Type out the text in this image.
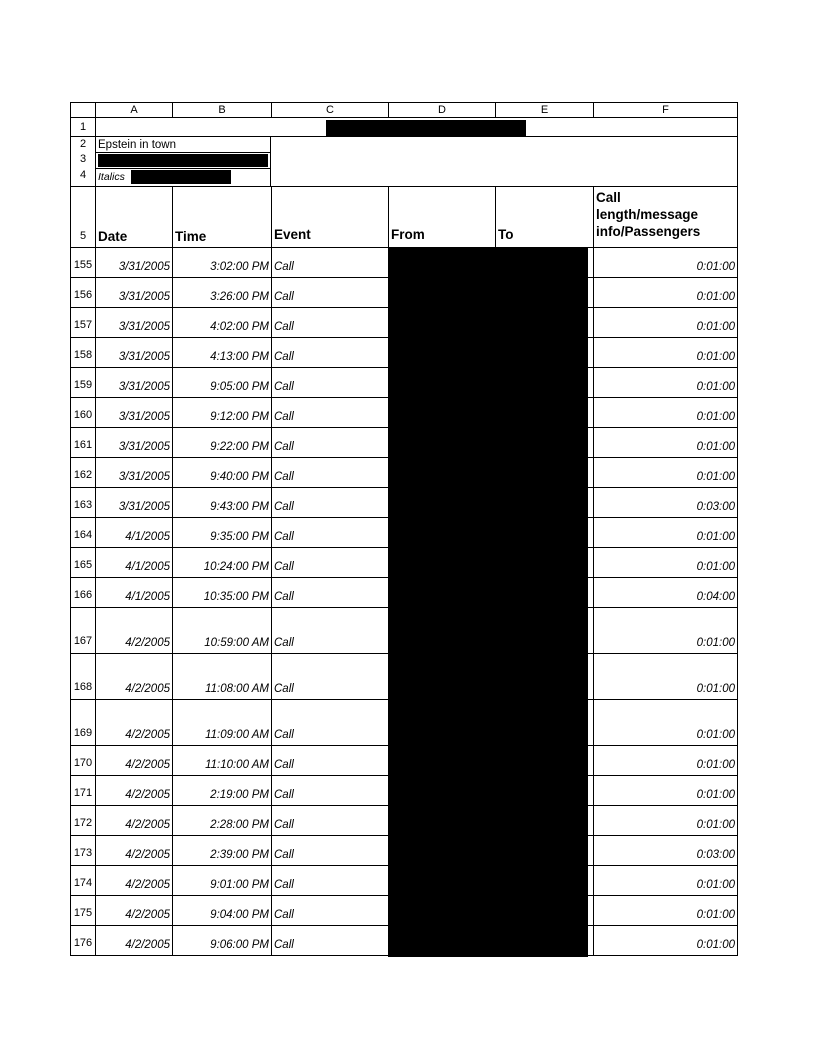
A	B	C	D	E	F
1
2
3
4
5
Epstein in town
Italics
Date	Time	Event	From	To
Call
length/message
info/Passengers
155	3/31/2005	3:02:00 PM Call	0:01:00
156	3/31/2005	3:26:00 PM Call	0:01:00
157	3/31/2005	4:02:00 PM Call	0:01:00
158	3/31/2005	4:13:00 PM Call	0:01:00
159	3/31/2005	9:05:00 PM Call	0:01:00
160	3/31/2005	9:12:00 PM Call	0:01:00
161	3/31/2005	9:22:00 PM Call	0:01:00
162	3/31/2005	9:40:00 PM Call	0:01:00
163	3/31/2005	9:43:00 PM Call	0:03:00
164	4/1/2005	9:35:00 PM Call	0:01:00
165	4/1/2005	10:24:00 PM Call	0:01:00
166	4/1/2005	10:35:00 PM Call	0:04:00
167	4/2/2005	10:59:00 AM Call	0:01:00
168	4/2/2005	11:08:00 AM Call	0:01:00
169	4/2/2005	11:09:00 AM Call	0:01:00
170	4/2/2005	11:10:00 AM Call	0:01:00
171	4/2/2005	2:19:00 PM Call	0:01:00
172	4/2/2005	2:28:00 PM Call	0:01:00
173	4/2/2005	2:39:00 PM Call	0:03:00
174	4/2/2005	9:01:00 PM Call	0:01:00
175	4/2/2005	9:04:00 PM Call	0:01:00
176	4/2/2005	9:06:00 PM Call	0:01:00
